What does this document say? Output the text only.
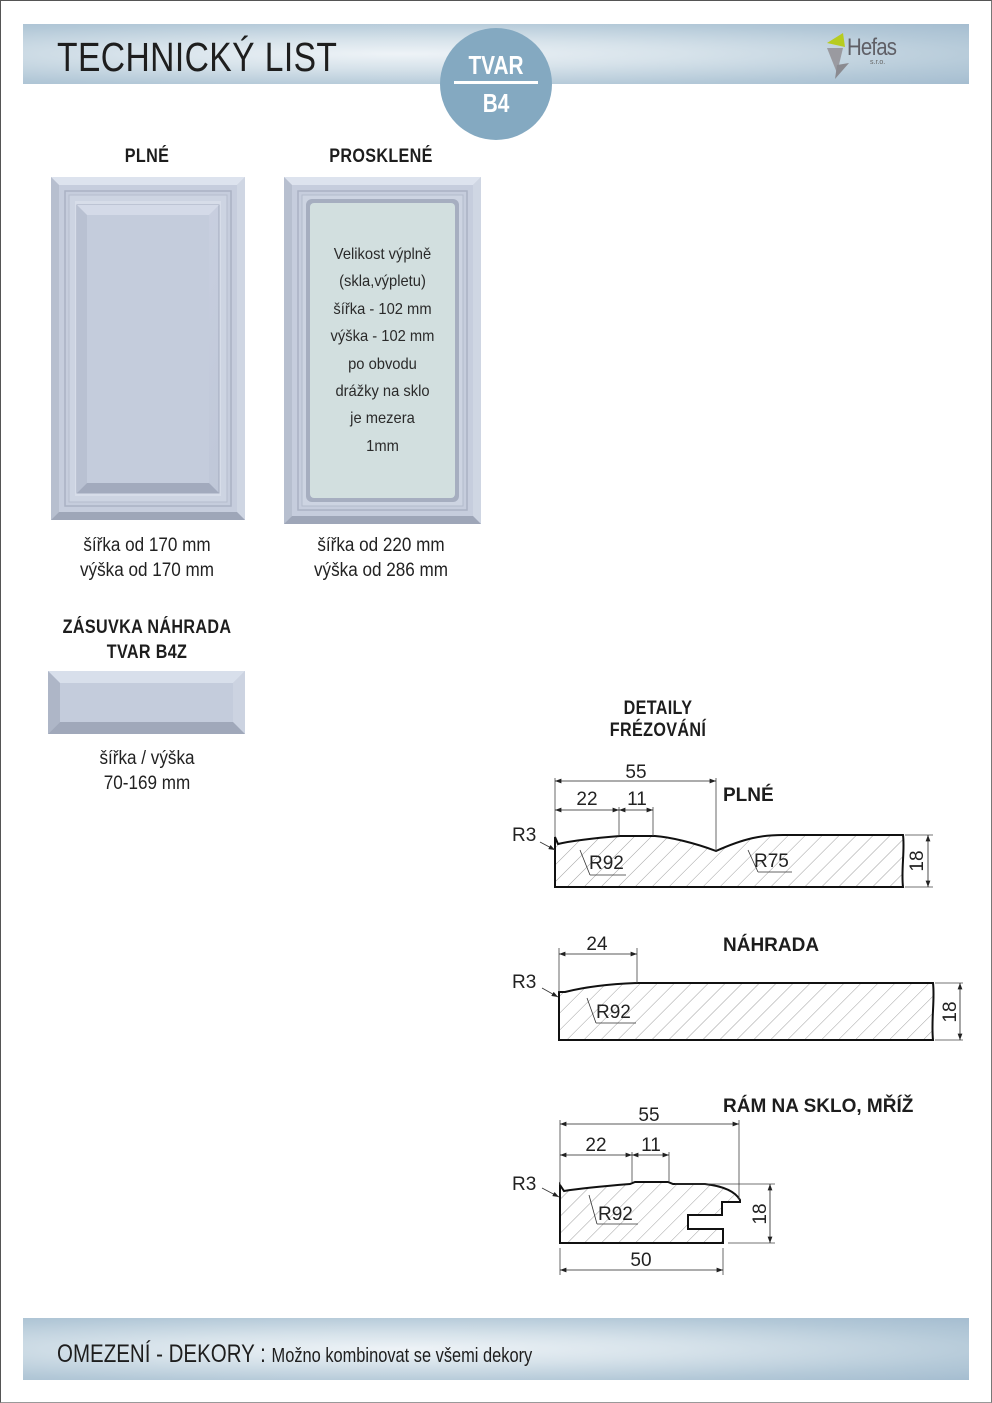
TECHNICKÝ LIST	TVAR
B4
Hefas
s.r.o.
PLNÉ	PROSKLENÉ
Velikost výplně
(skla,výpletu)
šířka - 102 mm
výška - 102 mm
po obvodu
drážky na sklo
je mezera
1mm
šířka od 170 mm
výška od 170 mm
šířka od 220 mm
výška od 286 mm
ZÁSUVKA NÁHRADA
TVAR B4Z
šířka / výška
70-169 mm
DETAILY FRÉZOVÁNÍ
55
22 11
18
R3
R92	R75
PLNÉ
24
18
R3
R92
NÁHRADA
55
22 11
50
18
R3
R92
RÁM NA SKLO, MŘÍŽ
OMEZENÍ - DEKORY : Možno kombinovat se všemi dekory
